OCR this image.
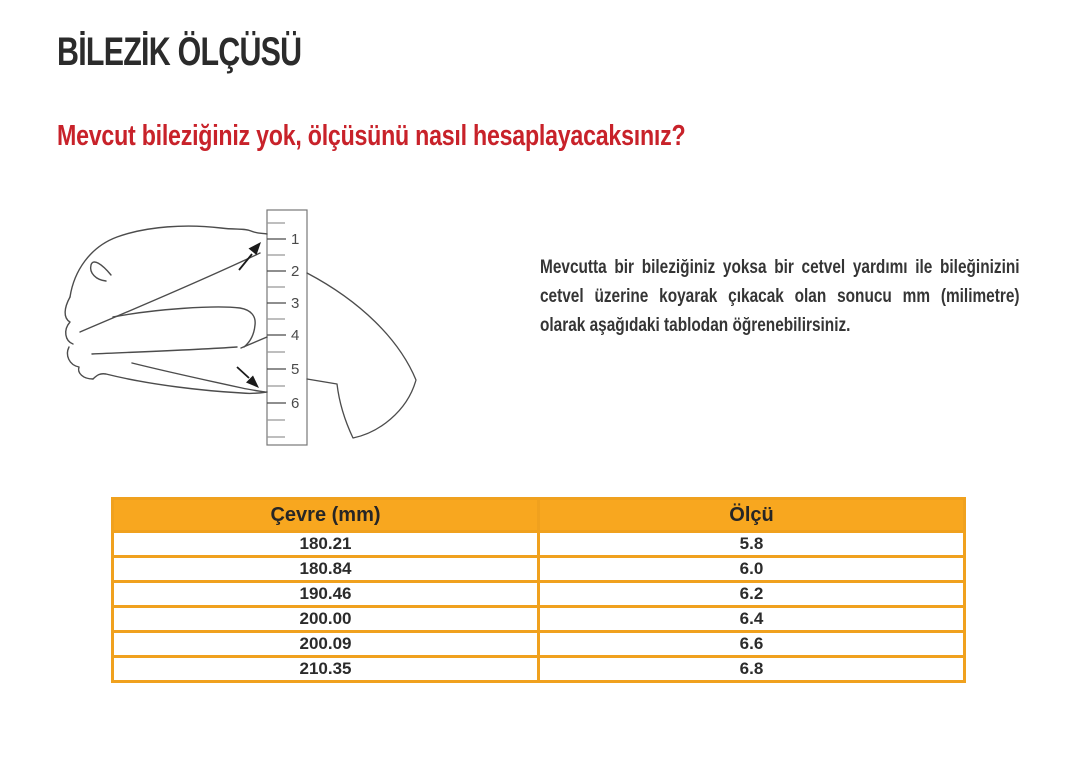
BİLEZİK ÖLÇÜSÜ
Mevcut bileziğiniz yok, ölçüsünü nasıl hesaplayacaksınız?
1
2
3
4
5
6

Mevcutta bir bileziğiniz yoksa bir cetvel yardımı ile bileğinizini cetvel üzerine koyarak çıkacak olan sonucu mm (milimetre) olarak aşağıdaki tablodan öğrenebilirsiniz.

Çevre (mm)	Ölçü
180.21	5.8
180.84	6.0
190.46	6.2
200.00	6.4
200.09	6.6
210.35	6.8
